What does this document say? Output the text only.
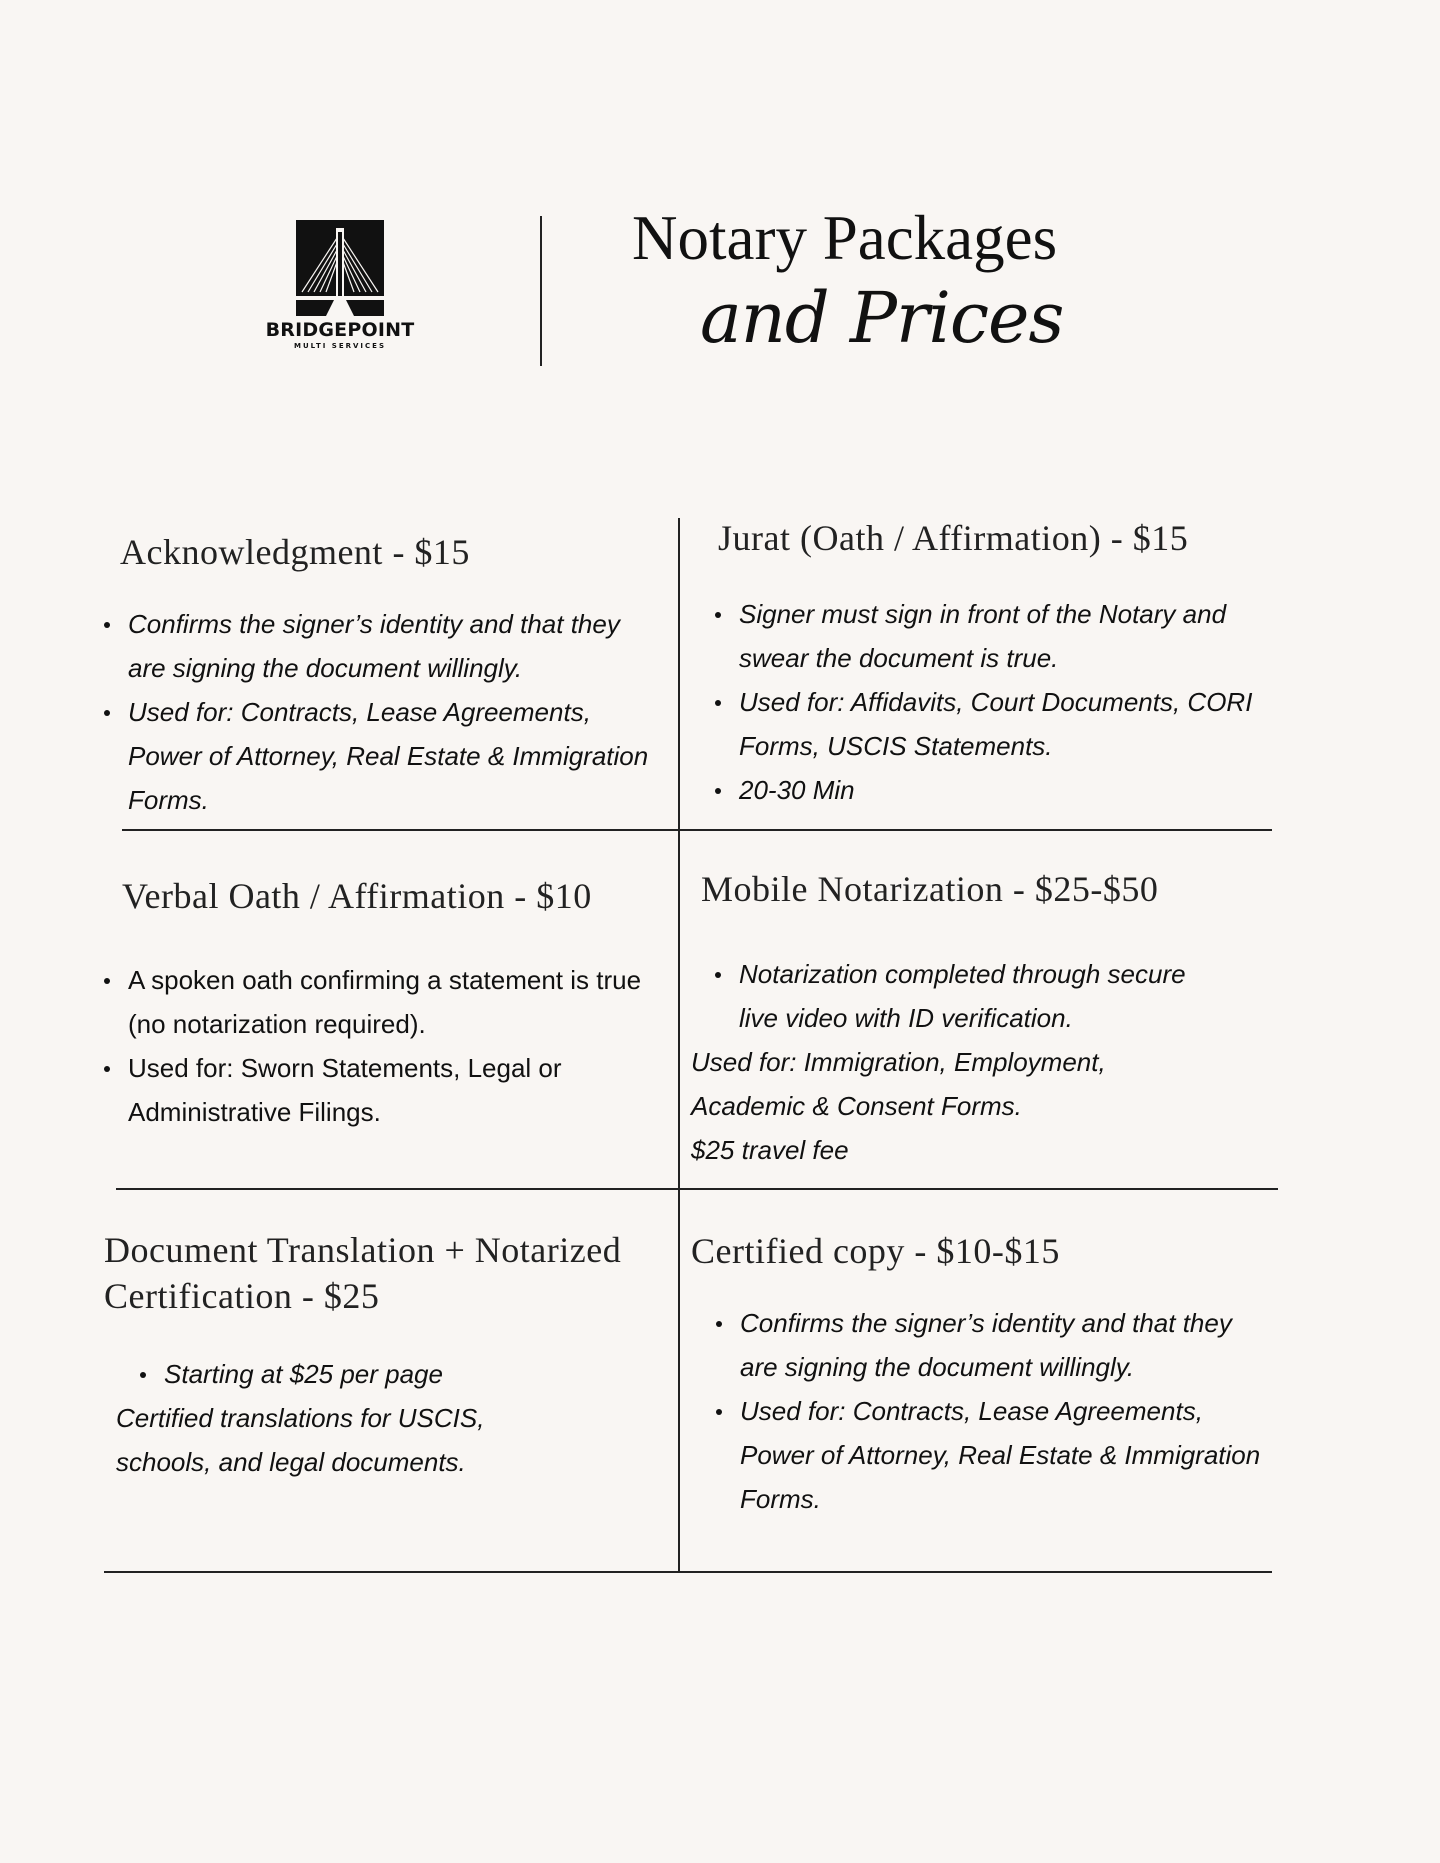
BRIDGEPOINT
MULTI SERVICES
Notary Packages
and Prices
Acknowledgment - $15
Confirms the signer’s identity and that they are signing the document willingly.
Used for: Contracts, Lease Agreements, Power of Attorney, Real Estate & Immigration Forms.
Jurat (Oath / Affirmation) - $15
Signer must sign in front of the Notary and swear the document is true.
Used for: Affidavits, Court Documents, CORI Forms, USCIS Statements.
20-30 Min
Verbal Oath / Affirmation - $10
A spoken oath confirming a statement is true (no notarization required).
Used for: Sworn Statements, Legal or Administrative Filings.
Mobile Notarization - $25-$50
Notarization completed through secure live video with ID verification.
Used for: Immigration, Employment,
Academic & Consent Forms.
$25 travel fee
Document Translation + Notarized Certification - $25
Starting at $25 per page
Certified translations for USCIS,
schools, and legal documents.
Certified copy - $10-$15
Confirms the signer’s identity and that they are signing the document willingly.
Used for: Contracts, Lease Agreements, Power of Attorney, Real Estate & Immigration Forms.
